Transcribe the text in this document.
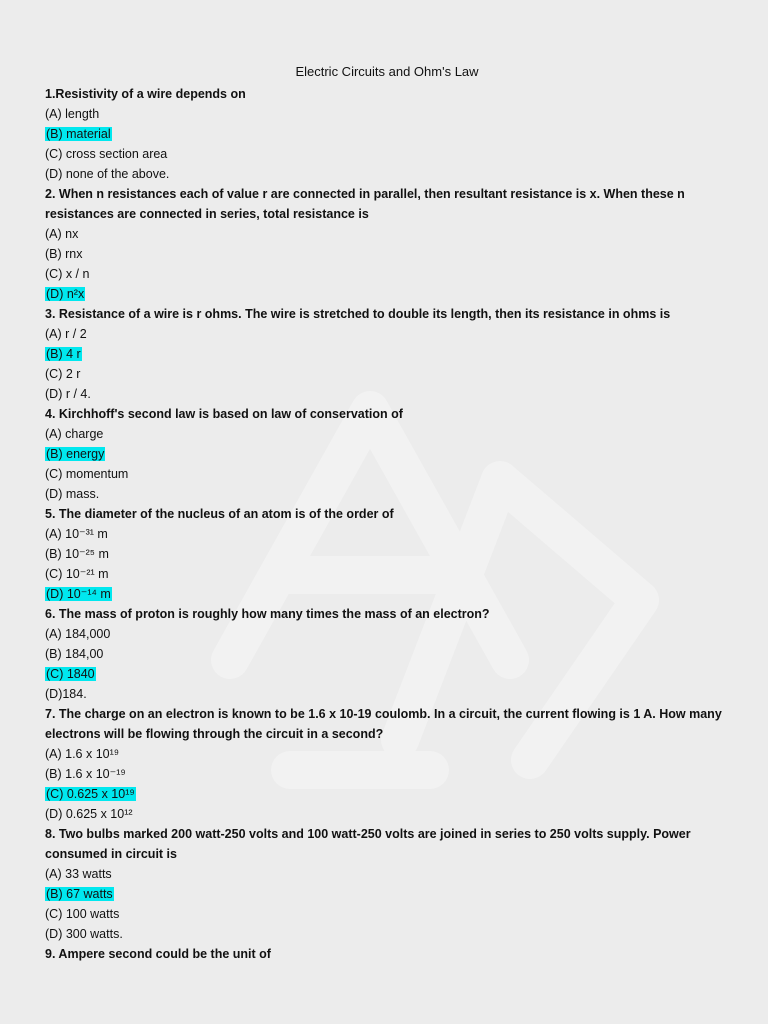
Electric Circuits and Ohm's Law
1.Resistivity of a wire depends on
(A) length
(B) material
(C) cross section area
(D) none of the above.
2. When n resistances each of value r are connected in parallel, then resultant resistance is x. When these n resistances are connected in series, total resistance is
(A) nx
(B) rnx
(C) x / n
(D) n²x
3. Resistance of a wire is r ohms. The wire is stretched to double its length, then its resistance in ohms is
(A) r / 2
(B) 4 r
(C) 2 r
(D) r / 4.
4. Kirchhoff's second law is based on law of conservation of
(A) charge
(B) energy
(C) momentum
(D) mass.
5. The diameter of the nucleus of an atom is of the order of
(A) 10⁻³¹ m
(B) 10⁻²⁵ m
(C) 10⁻²¹ m
(D) 10⁻¹⁴ m
6. The mass of proton is roughly how many times the mass of an electron?
(A) 184,000
(B) 184,00
(C) 1840
(D)184.
7. The charge on an electron is known to be 1.6 x 10-19 coulomb. In a circuit, the current flowing is 1 A. How many electrons will be flowing through the circuit in a second?
(A) 1.6 x 10¹⁹
(B) 1.6 x 10⁻¹⁹
(C) 0.625 x 10¹⁹
(D) 0.625 x 10¹²
8. Two bulbs marked 200 watt-250 volts and 100 watt-250 volts are joined in series to 250 volts supply. Power consumed in circuit is
(A) 33 watts
(B) 67 watts
(C) 100 watts
(D) 300 watts.
9. Ampere second could be the unit of
